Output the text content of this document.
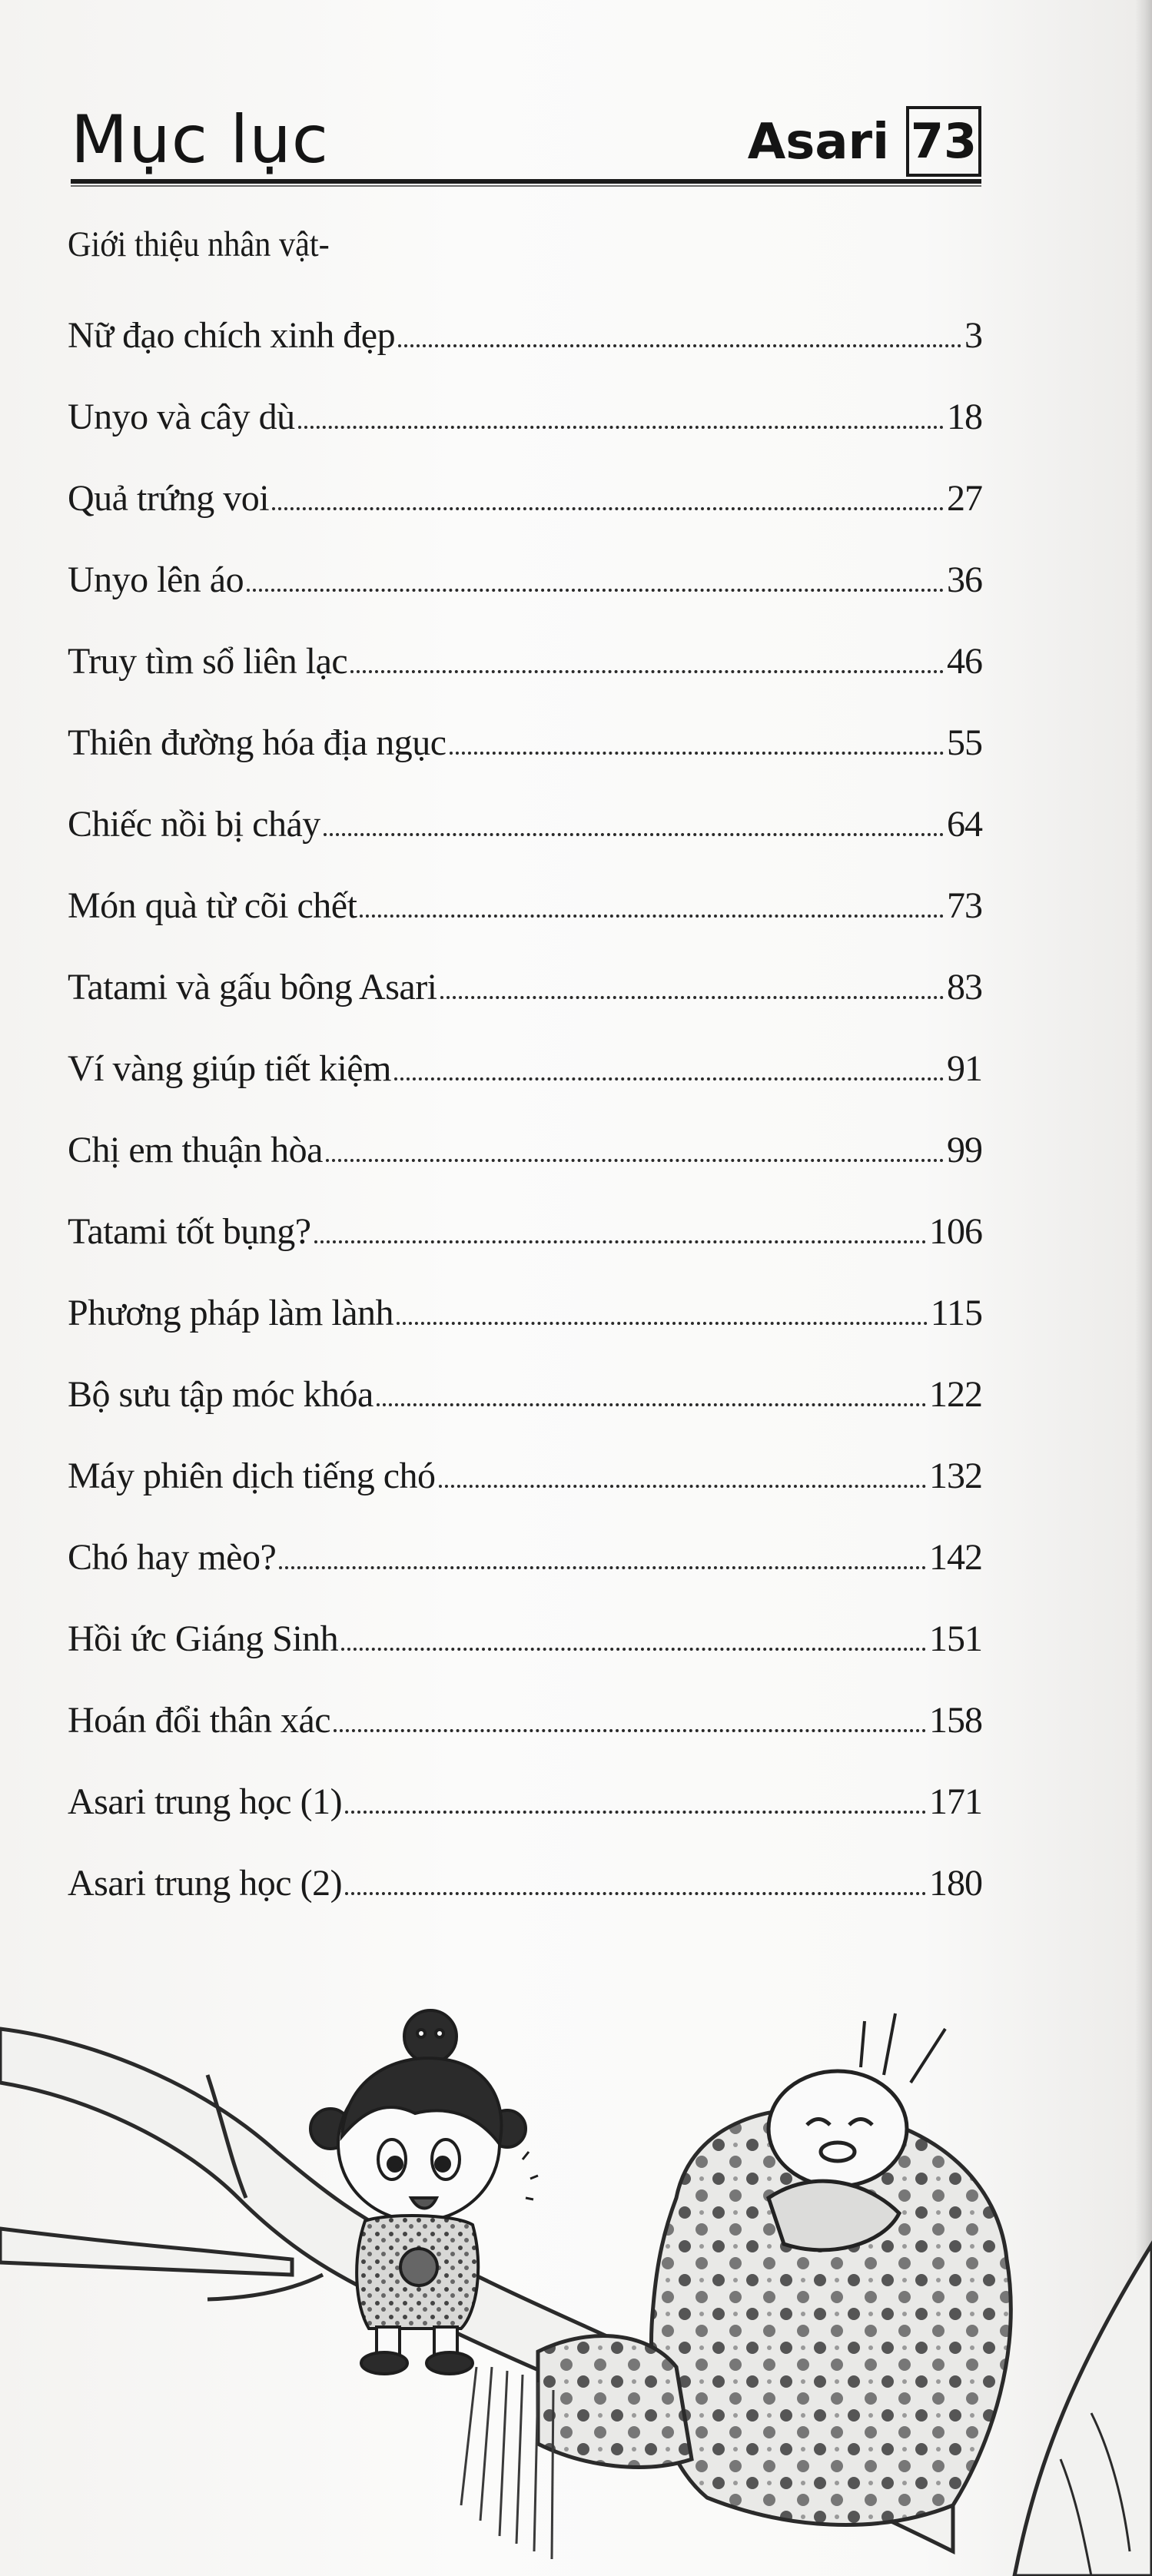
Mục lục	Asari 73
Giới thiệu nhân vật-
Nữ đạo chích xinh đẹp	3
Unyo và cây dù	18
Quả trứng voi	27
Unyo lên áo	36
Truy tìm sổ liên lạc	46
Thiên đường hóa địa ngục	55
Chiếc nồi bị cháy	64
Món quà từ cõi chết	73
Tatami và gấu bông Asari	83
Ví vàng giúp tiết kiệm	91
Chị em thuận hòa	99
Tatami tốt bụng?	106
Phương pháp làm lành	115
Bộ sưu tập móc khóa	122
Máy phiên dịch tiếng chó	132
Chó hay mèo?	142
Hồi ức Giáng Sinh	151
Hoán đổi thân xác	158
Asari trung học (1)	171
Asari trung học (2)	180
